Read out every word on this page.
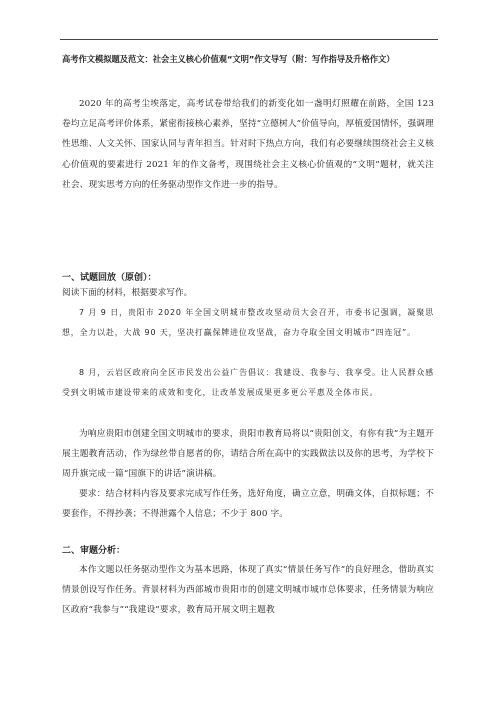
高考作文模拟题及范文：社会主义核心价值观“文明”作文导写（附：写作指导及升格作文）

2020 年的高考尘埃落定，高考试卷带给我们的新变化如一盏明灯照耀在前路，全国 123 卷均立足高考评价体系，紧密衔接核心素养，坚持“立德树人”价值导向，厚植爱国情怀，强调理性思维、人文关怀、国家认同与青年担当。针对时下热点方向，我们有必要继续围绕社会主义核心价值观的要素进行 2021 年的作文备考，现围绕社会主义核心价值观的“文明”题材，就关注社会、现实思考方向的任务驱动型作文作进一步的指导。

一、试题回放（原创）：

阅读下面的材料，根据要求写作。

7 月 9 日，贵阳市 2020 年全国文明城市整改攻坚动员大会召开，市委书记强调，凝聚思想，全力以赴，大战 90 天，坚决打赢保牌进位攻坚战，奋力夺取全国文明城市“四连冠”。

8 月，云岩区政府向全区市民发出公益广告倡议：我建设、我参与、我享受。让人民群众感受到文明城市建设带来的成效和变化，让改革发展成果更多更公平惠及全体市民。

为响应贵阳市创建全国文明城市的要求，贵阳市教育局将以“贵阳创文，有你有我”为主题开展主题教育活动，作为绿丝带自愿者的你，请结合所在高中的实践做法以及你的思考，为学校下周升旗完成一篇“国旗下的讲话”演讲稿。

要求：结合材料内容及要求完成写作任务，选好角度，确立立意，明确文体，自拟标题；不要套作，不得抄袭；不得泄露个人信息；不少于 800 字。

二、审题分析：

本作文题以任务驱动型作文为基本思路，体现了真实“情景任务写作”的良好理念，借助真实情景创设写作任务。背景材料为西部城市贵阳市的创建文明城市城市总体要求，任务情景为响应区政府“我参与”“我建设”要求，教育局开展文明主题教
